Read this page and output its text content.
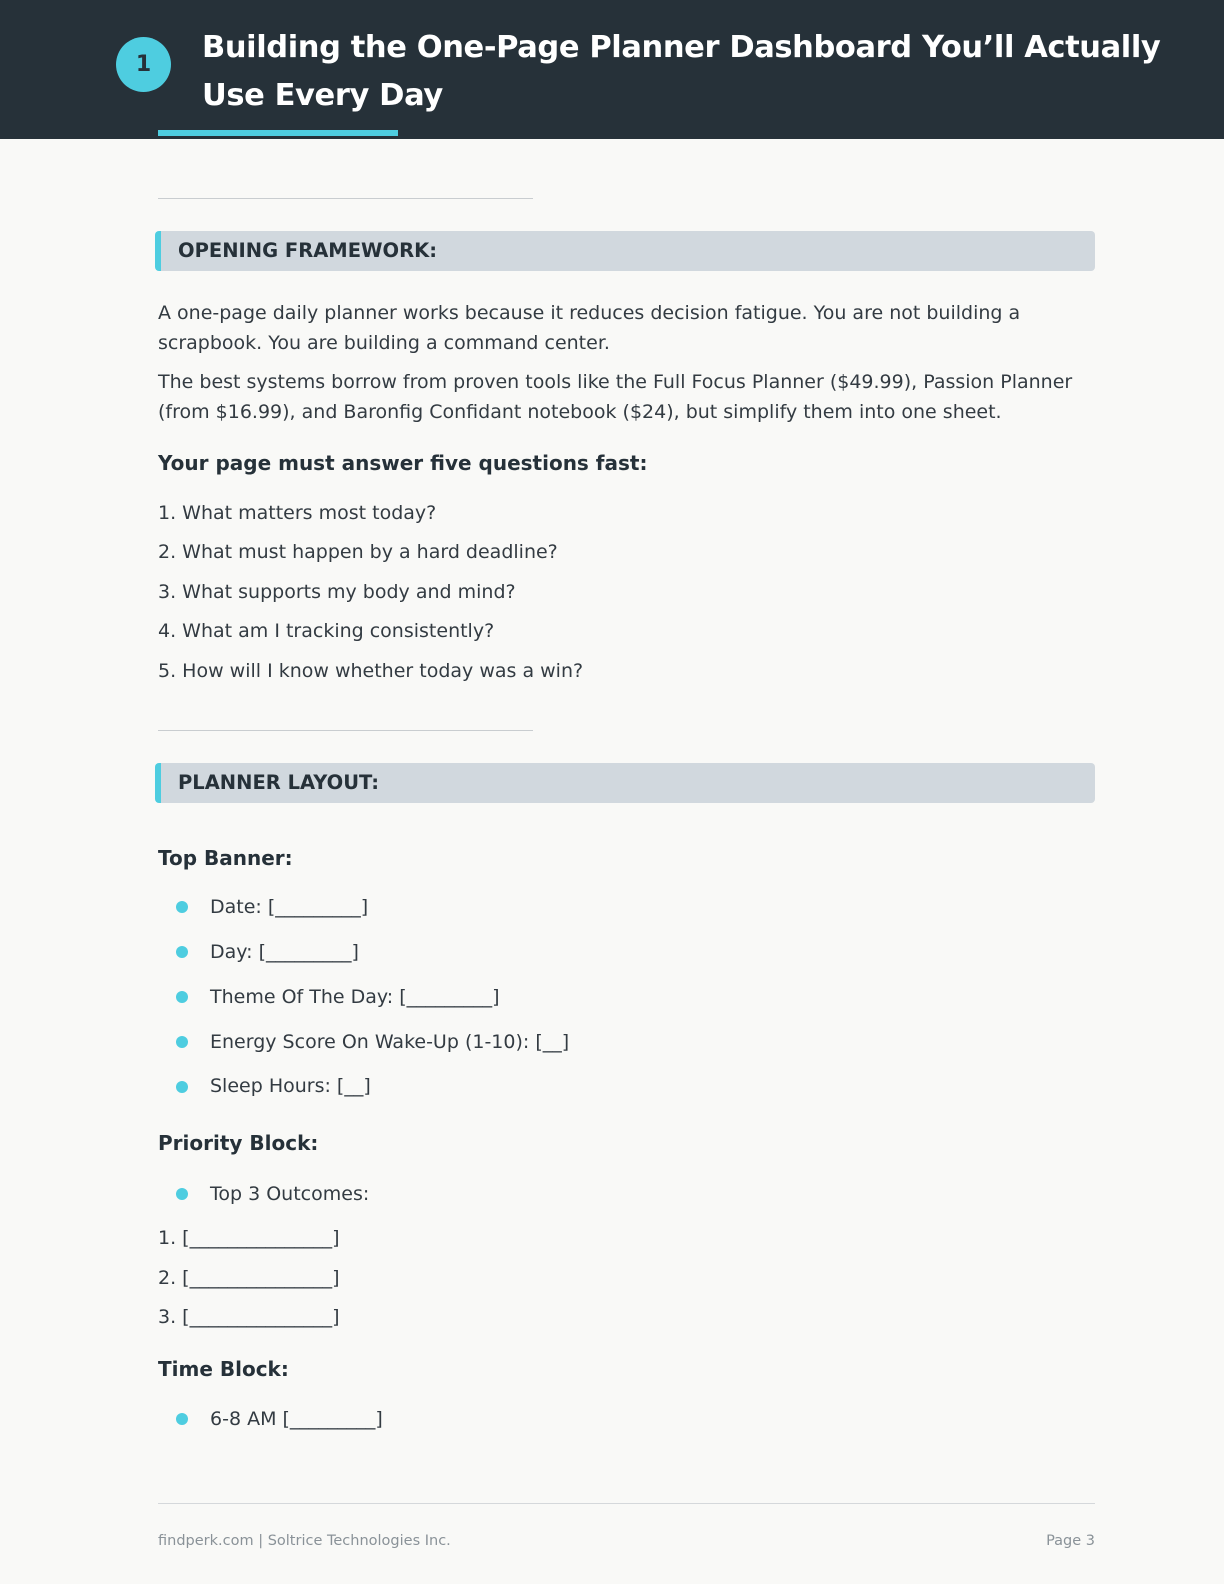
1	Building the One-Page Planner Dashboard You’ll Actually Use Every Day
OPENING FRAMEWORK:
A one-page daily planner works because it reduces decision fatigue. You are not building a scrapbook. You are building a command center.
The best systems borrow from proven tools like the Full Focus Planner ($49.99), Passion Planner (from $16.99), and Baronfig Confidant notebook ($24), but simplify them into one sheet.
Your page must answer five questions fast:
1. What matters most today?
2. What must happen by a hard deadline?
3. What supports my body and mind?
4. What am I tracking consistently?
5. How will I know whether today was a win?
PLANNER LAYOUT:
Top Banner:
Date: [_________]
Day: [_________]
Theme Of The Day: [_________]
Energy Score On Wake-Up (1-10): [__]
Sleep Hours: [__]
Priority Block:
Top 3 Outcomes:
1. [_______________]
2. [_______________]
3. [_______________]
Time Block:
6-8 AM [_________]
findperk.com | Soltrice Technologies Inc.	Page 3
